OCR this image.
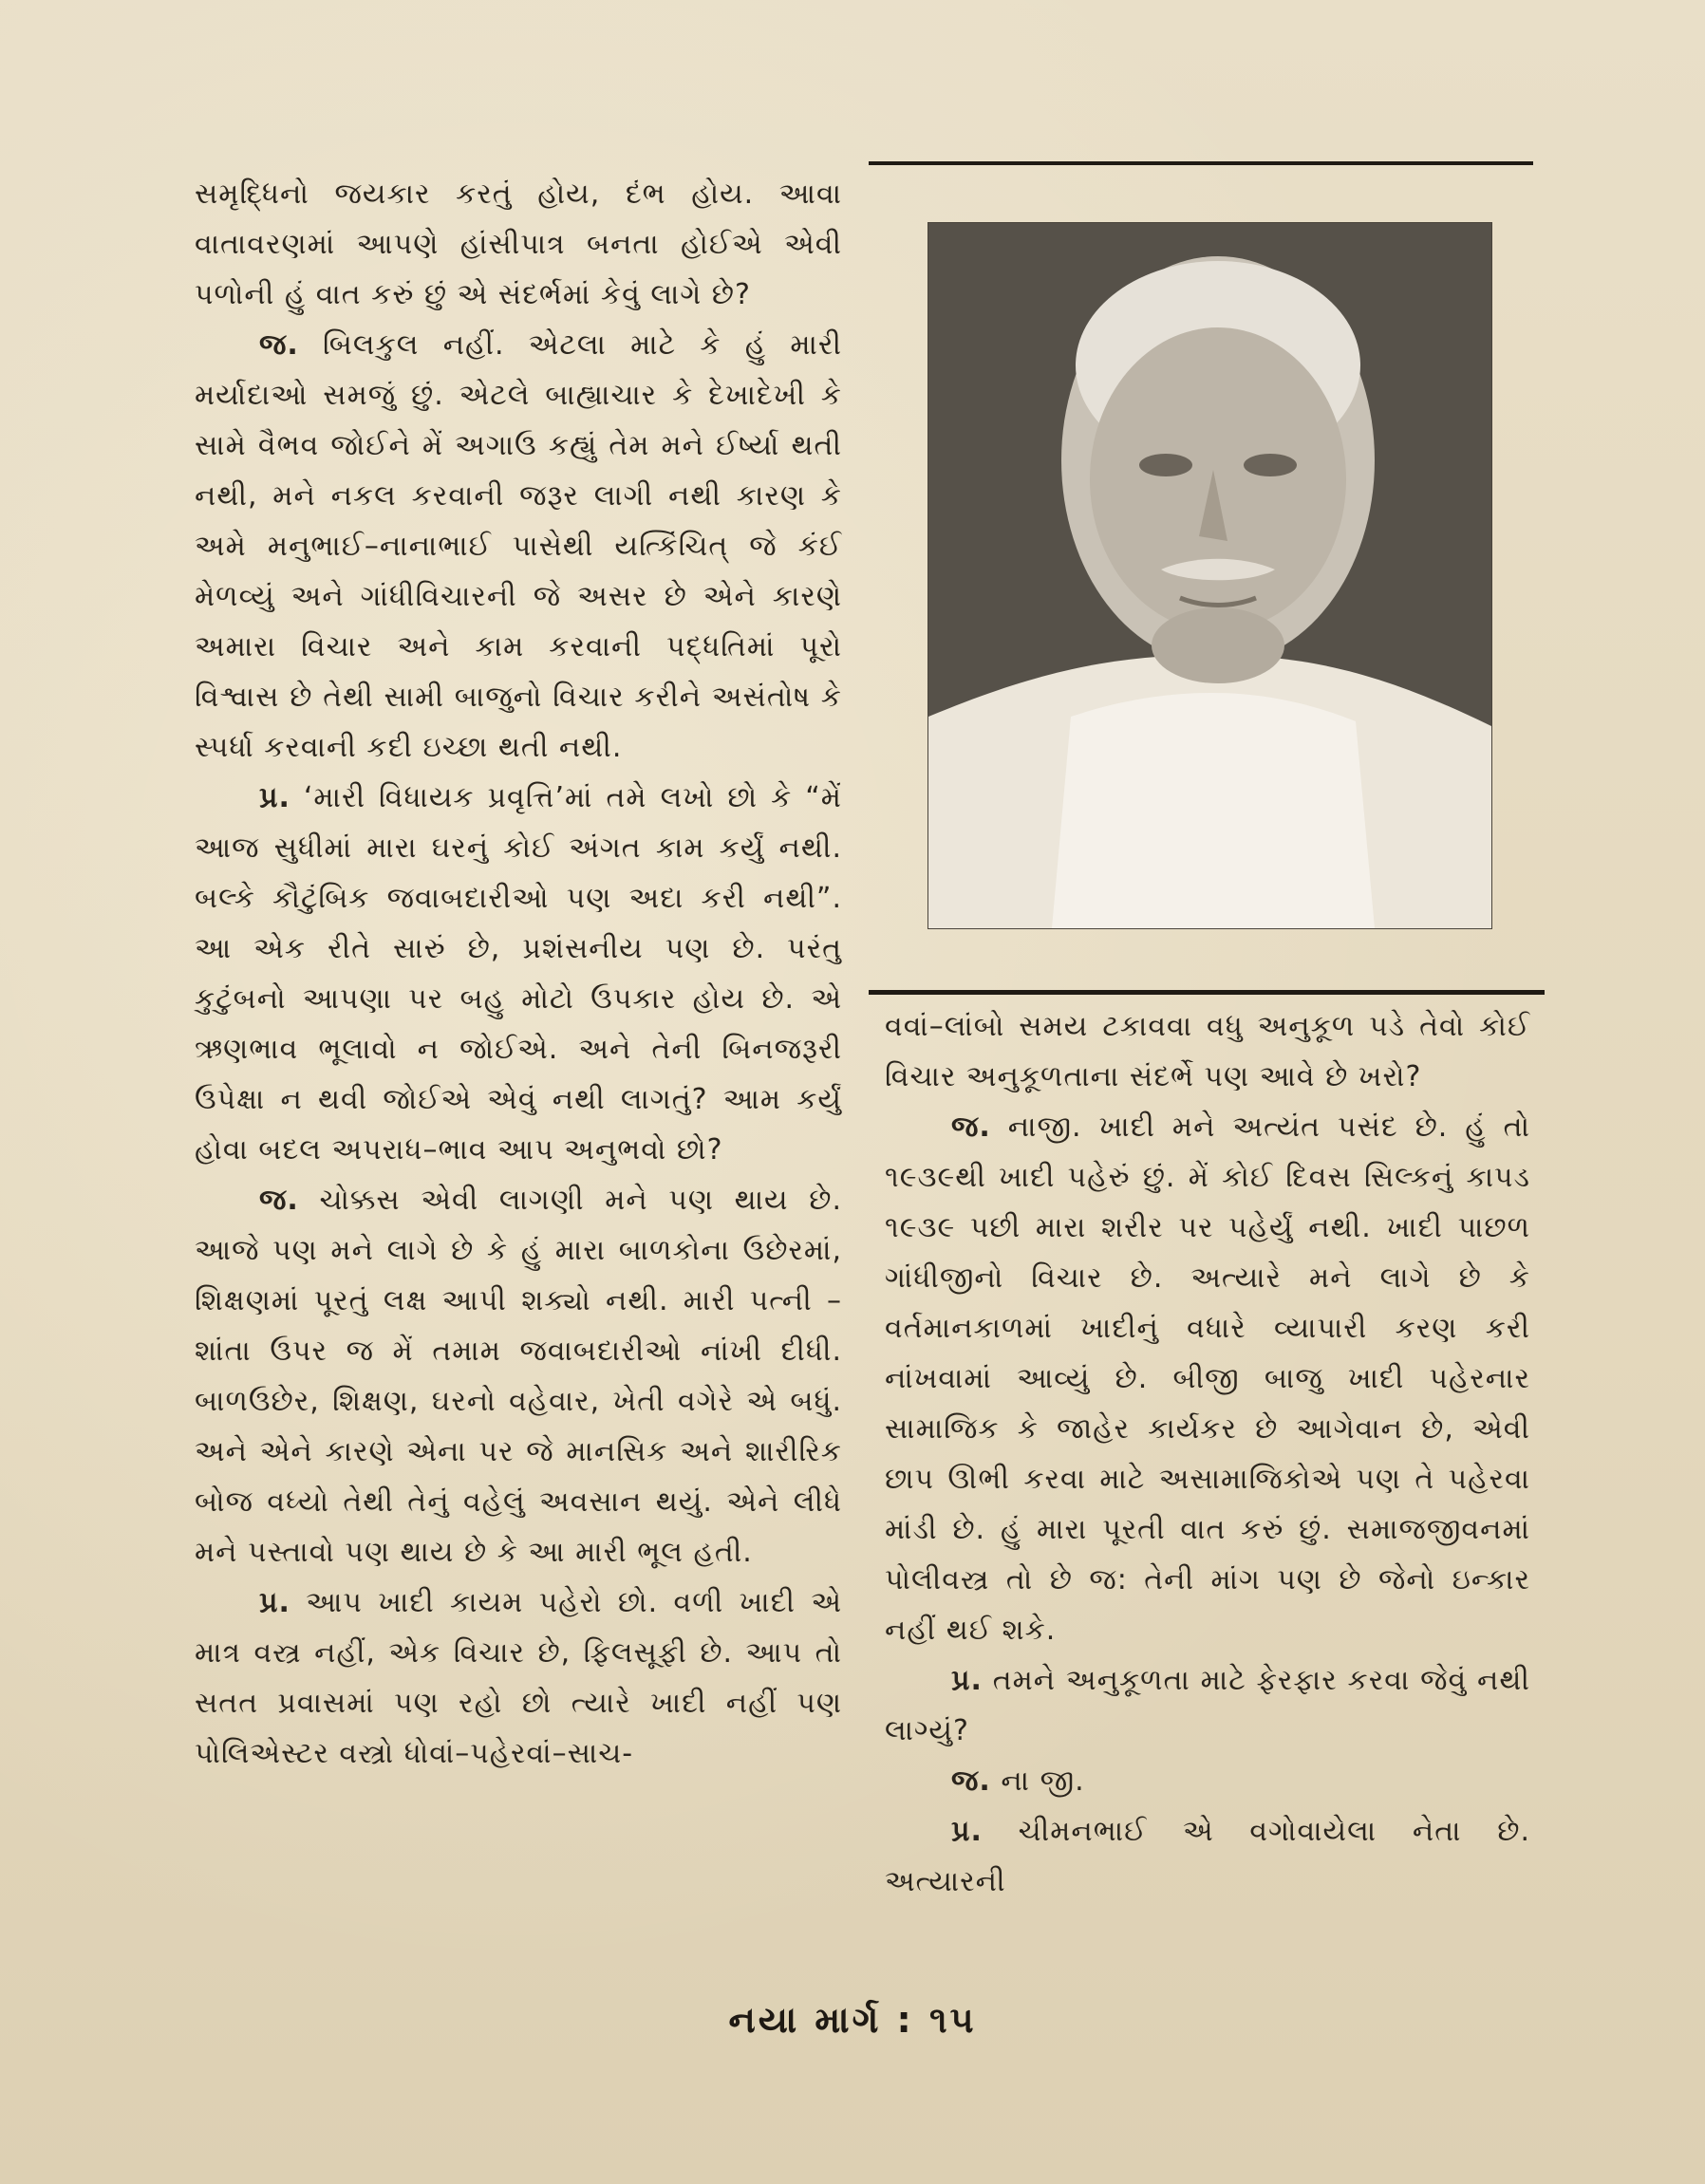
સમૃદ્ધિનો જયકાર કરતું હોય, દંભ હોય. આવા વાતાવરણમાં આપણે હાંસીપાત્ર બનતા હોઈએ એવી પળોની હું વાત કરું છું એ સંદર્ભમાં કેવું લાગે છે?

જ. બિલકુલ નહીં. એટલા માટે કે હું મારી મર્યાદાઓ સમજું છું. એટલે બાહ્યાચાર કે દેખાદેખી કે સામે વૈભવ જોઈને મેં અગાઉ કહ્યું તેમ મને ઈર્ષ્યા થતી નથી, મને નકલ કરવાની જરૂર લાગી નથી કારણ કે અમે મનુભાઈ–નાનાભાઈ પાસેથી યત્કિંચિત્ જે કંઈ મેળવ્યું અને ગાંધીવિચારની જે અસર છે એને કારણે અમારા વિચાર અને કામ કરવાની પદ્ધતિમાં પૂરો વિશ્વાસ છે તેથી સામી બાજુનો વિચાર કરીને અસંતોષ કે સ્પર્ધા કરવાની કદી ઇચ્છા થતી નથી.

પ્ર. ‘મારી વિધાયક પ્રવૃત્તિ’માં તમે લખો છો કે “મેં આજ સુધીમાં મારા ઘરનું કોઈ અંગત કામ કર્યું નથી. બલ્કે કૌટુંબિક જવાબદારીઓ પણ અદા કરી નથી”. આ એક રીતે સારું છે, પ્રશંસનીય પણ છે. પરંતુ કુટુંબનો આપણા પર બહુ મોટો ઉપકાર હોય છે. એ ઋણભાવ ભૂલાવો ન જોઈએ. અને તેની બિનજરૂરી ઉપેક્ષા ન થવી જોઈએ એવું નથી લાગતું? આમ કર્યું હોવા બદલ અપરાધ–ભાવ આપ અનુભવો છો?

જ. ચોક્કસ એવી લાગણી મને પણ થાય છે. આજે પણ મને લાગે છે કે હું મારા બાળકોના ઉછેરમાં, શિક્ષણમાં પૂરતું લક્ષ આપી શક્યો નથી. મારી પત્ની – શાંતા ઉપર જ મેં તમામ જવાબદારીઓ નાંખી દીધી. બાળઉછેર, શિક્ષણ, ઘરનો વહેવાર, ખેતી વગેરે એ બધું. અને એને કારણે એના પર જે માનસિક અને શારીરિક બોજ વધ્યો તેથી તેનું વહેલું અવસાન થયું. એને લીધે મને પસ્તાવો પણ થાય છે કે આ મારી ભૂલ હતી.

પ્ર. આપ ખાદી કાયમ પહેરો છો. વળી ખાદી એ માત્ર વસ્ત્ર નહીં, એક વિચાર છે, ફિલસૂફી છે. આપ તો સતત પ્રવાસમાં પણ રહો છો ત્યારે ખાદી નહીં પણ પોલિએસ્ટર વસ્ત્રો ધોવાં–પહેરવાં–સાચ-

વવાં–લાંબો સમય ટકાવવા વધુ અનુકૂળ પડે તેવો કોઈ વિચાર અનુકૂળતાના સંદર્ભે પણ આવે છે ખરો?

જ. નાજી. ખાદી મને અત્યંત પસંદ છે. હું તો ૧૯૩૯થી ખાદી પહેરું છું. મેં કોઈ દિવસ સિલ્કનું કાપડ ૧૯૩૯ પછી મારા શરીર પર પહેર્યું નથી. ખાદી પાછળ ગાંધીજીનો વિચાર છે. અત્યારે મને લાગે છે કે વર્તમાનકાળમાં ખાદીનું વધારે વ્યાપારી કરણ કરી નાંખવામાં આવ્યું છે. બીજી બાજુ ખાદી પહેરનાર સામાજિક કે જાહેર કાર્યકર છે આગેવાન છે, એવી છાપ ઊભી કરવા માટે અસામાજિકોએ પણ તે પહેરવા માંડી છે. હું મારા પૂરતી વાત કરું છું. સમાજજીવનમાં પોલીવસ્ત્ર તો છે જ: તેની માંગ પણ છે જેનો ઇન્કાર નહીં થઈ શકે.

પ્ર. તમને અનુકૂળતા માટે ફેરફાર કરવા જેવું નથી લાગ્યું?

જ. ના જી.

પ્ર. ચીમનભાઈ એ વગોવાયેલા નેતા છે. અત્યારની

નયા માર્ગ : ૧૫
